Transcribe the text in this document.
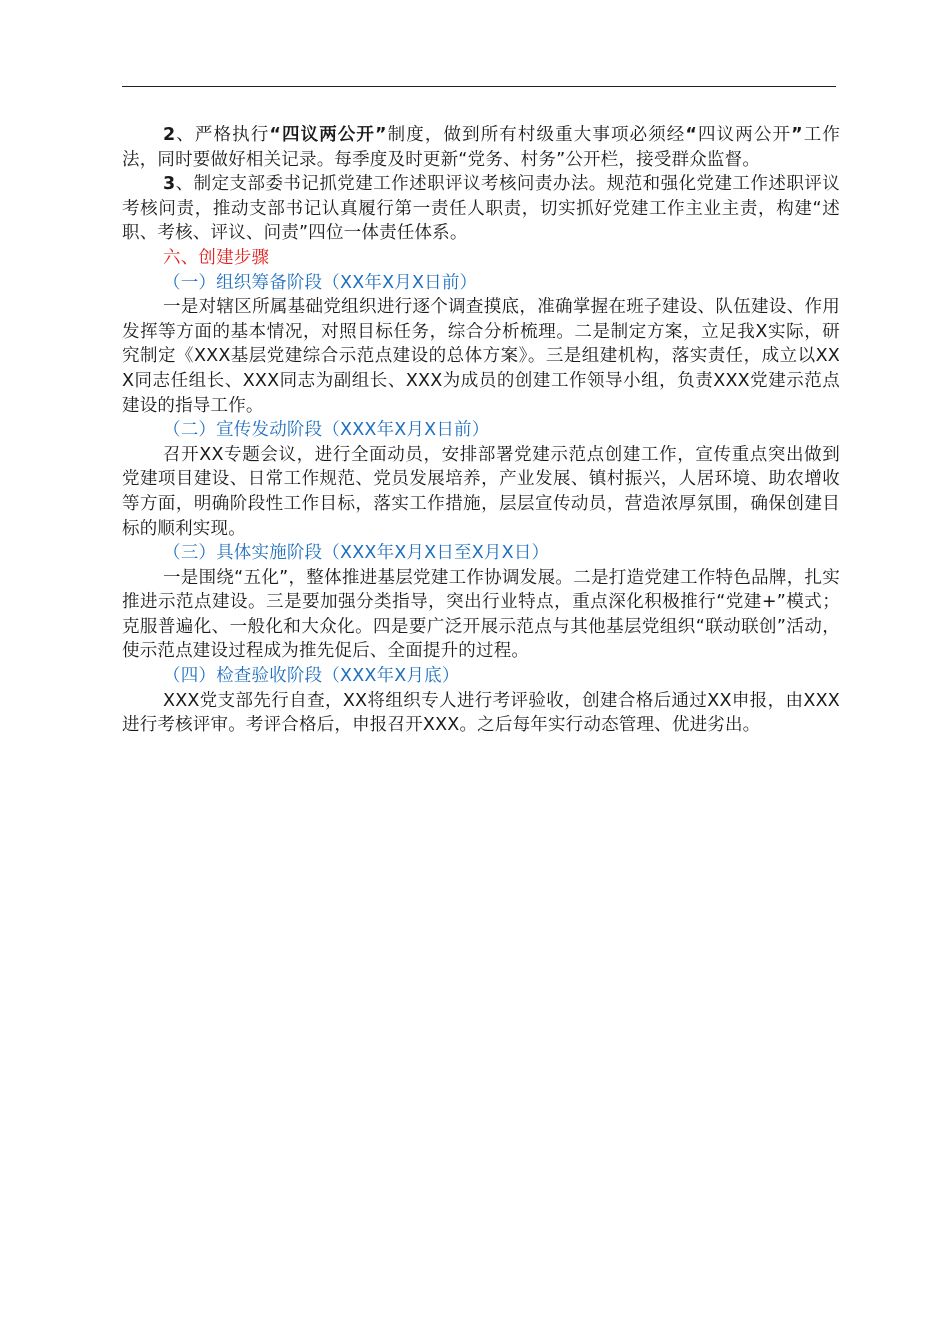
2、严格执行“四议两公开”制度，做到所有村级重大事项必须经“四议两公开”工作法，同时要做好相关记录。每季度及时更新“党务、村务”公开栏，接受群众监督。

3、制定支部委书记抓党建工作述职评议考核问责办法。规范和强化党建工作述职评议考核问责，推动支部书记认真履行第一责任人职责，切实抓好党建工作主业主责，构建“述职、考核、评议、问责”四位一体责任体系。

六、创建步骤

（一）组织筹备阶段（XX年X月X日前）

一是对辖区所属基础党组织进行逐个调查摸底，准确掌握在班子建设、队伍建设、作用发挥等方面的基本情况，对照目标任务，综合分析梳理。二是制定方案，立足我X实际，研究制定《XXX基层党建综合示范点建设的总体方案》。三是组建机构，落实责任，成立以XXX同志任组长、XXX同志为副组长、XXX为成员的创建工作领导小组，负责XXX党建示范点建设的指导工作。

（二）宣传发动阶段（XXX年X月X日前）

召开XX专题会议，进行全面动员，安排部署党建示范点创建工作，宣传重点突出做到党建项目建设、日常工作规范、党员发展培养，产业发展、镇村振兴，人居环境、助农增收等方面，明确阶段性工作目标，落实工作措施，层层宣传动员，营造浓厚氛围，确保创建目标的顺利实现。

（三）具体实施阶段（XXX年X月X日至X月X日）

一是围绕“五化”，整体推进基层党建工作协调发展。二是打造党建工作特色品牌，扎实推进示范点建设。三是要加强分类指导，突出行业特点，重点深化积极推行“党建+”模式；克服普遍化、一般化和大众化。四是要广泛开展示范点与其他基层党组织“联动联创”活动，使示范点建设过程成为推先促后、全面提升的过程。

（四）检查验收阶段（XXX年X月底）

XXX党支部先行自查，XX将组织专人进行考评验收，创建合格后通过XX申报，由XXX进行考核评审。考评合格后，申报召开XXX。之后每年实行动态管理、优进劣出。
